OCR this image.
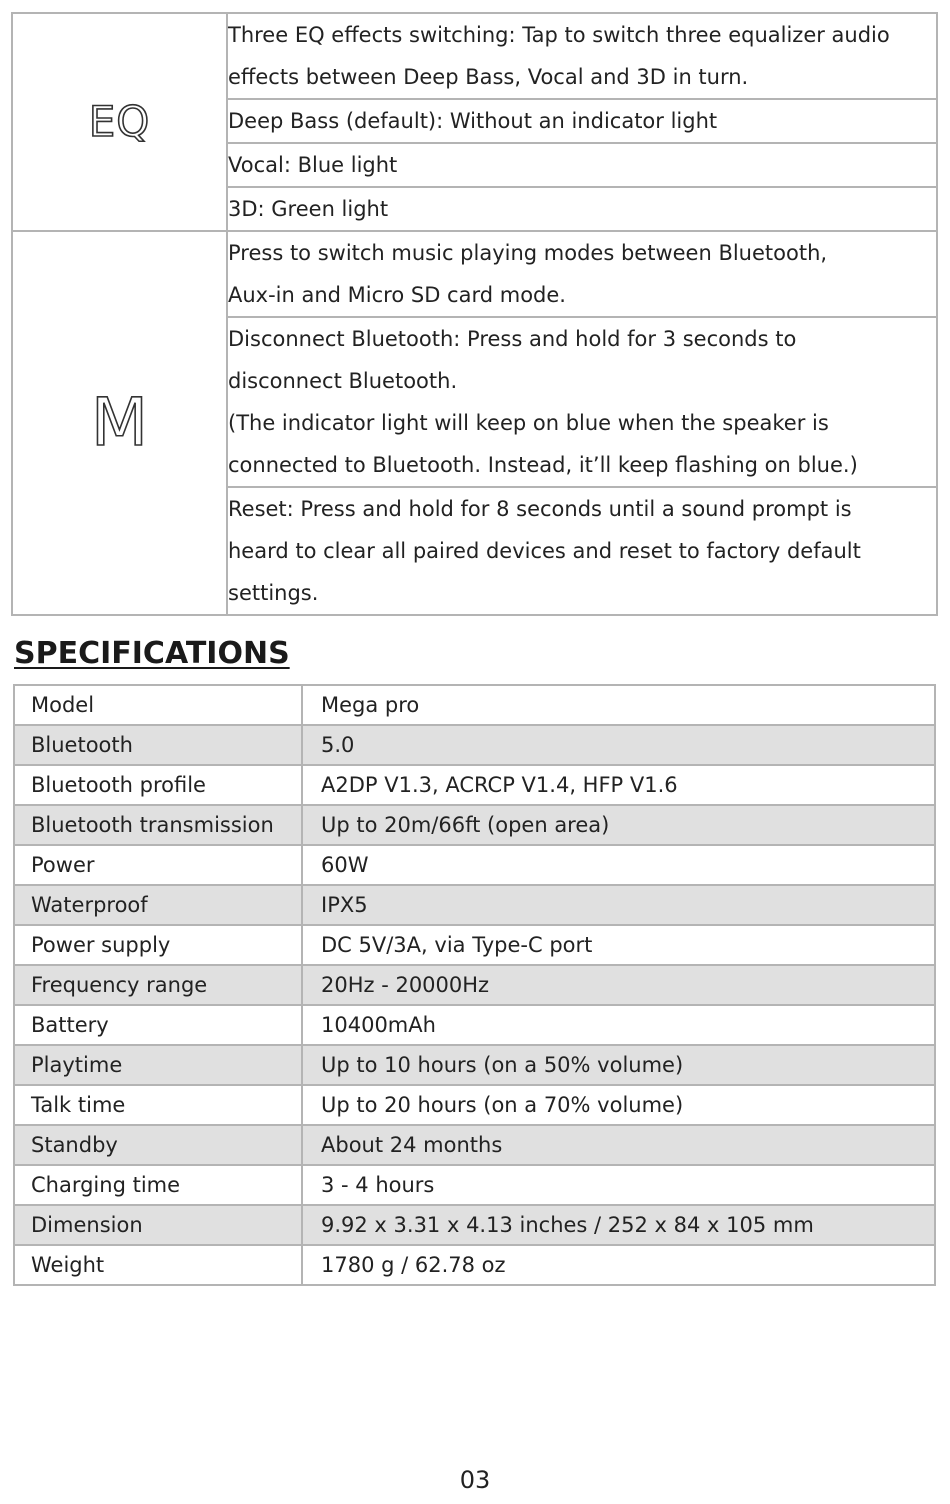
EQ	Three EQ effects switching: Tap to switch three equalizer audio
effects between Deep Bass, Vocal and 3D in turn.

	Deep Bass (default): Without an indicator light

	Vocal: Blue light

	3D: Green light

M	Press to switch music playing modes between Bluetooth,
Aux-in and Micro SD card mode.

	Disconnect Bluetooth: Press and hold for 3 seconds to
disconnect Bluetooth.
(The indicator light will keep on blue when the speaker is
connected to Bluetooth. Instead, it’ll keep flashing on blue.)

	Reset: Press and hold for 8 seconds until a sound prompt is
heard to clear all paired devices and reset to factory default
settings.
SPECIFICATIONS
Model	Mega pro
Bluetooth	5.0
Bluetooth profile	A2DP V1.3, ACRCP V1.4, HFP V1.6
Bluetooth transmission	Up to 20m/66ft (open area)
Power	60W
Waterproof	IPX5
Power supply	DC 5V/3A, via Type-C port
Frequency range	20Hz - 20000Hz
Battery	10400mAh
Playtime	Up to 10 hours (on a 50% volume)
Talk time	Up to 20 hours (on a 70% volume)
Standby	About 24 months
Charging time	3 - 4 hours
Dimension	9.92 x 3.31 x 4.13 inches / 252 x 84 x 105 mm
Weight	1780 g / 62.78 oz
03
